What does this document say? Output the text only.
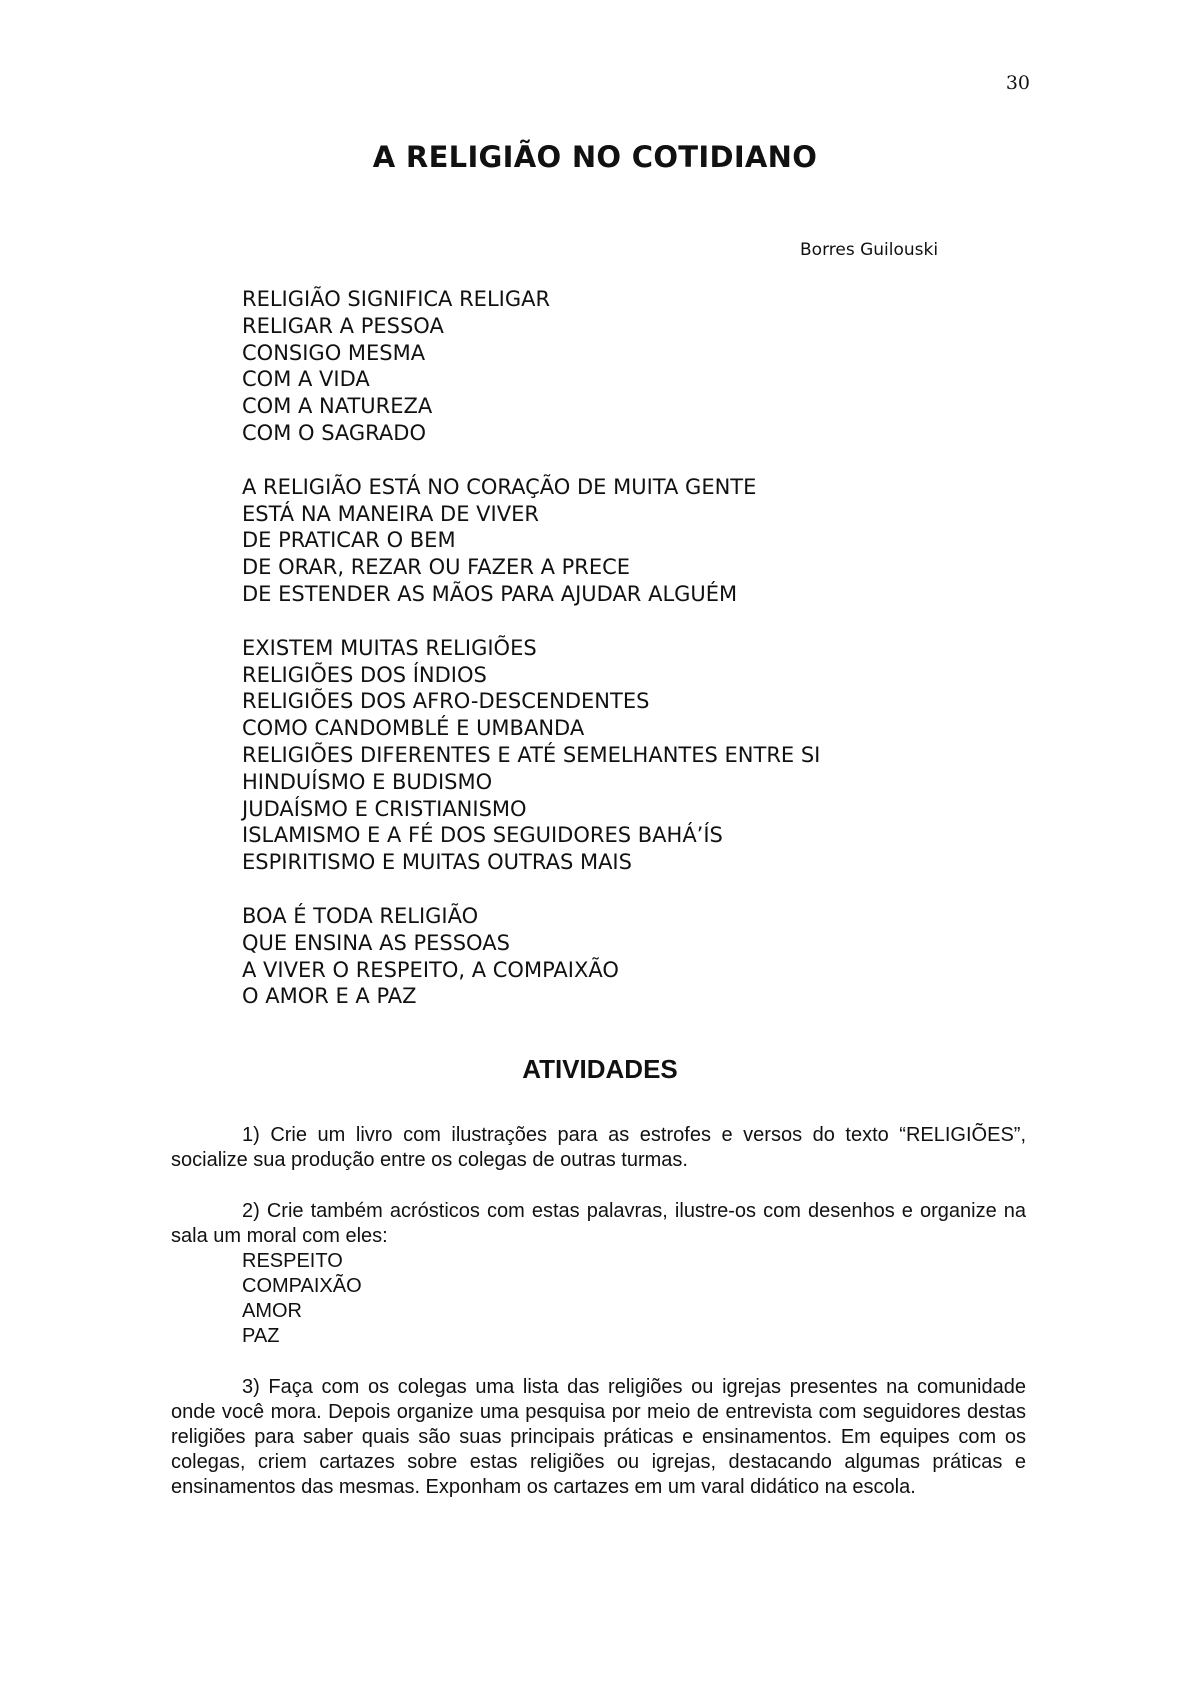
30
A RELIGIÃO NO COTIDIANO
Borres Guilouski
RELIGIÃO SIGNIFICA RELIGAR
RELIGAR A PESSOA
CONSIGO MESMA
COM A VIDA
COM A NATUREZA
COM O SAGRADO
A RELIGIÃO ESTÁ NO CORAÇÃO DE MUITA GENTE
ESTÁ NA MANEIRA DE VIVER
DE PRATICAR O BEM
DE ORAR, REZAR OU FAZER A PRECE
DE ESTENDER AS MÃOS PARA AJUDAR ALGUÉM
EXISTEM MUITAS RELIGIÕES
RELIGIÕES DOS ÍNDIOS
RELIGIÕES DOS AFRO-DESCENDENTES
COMO CANDOMBLÉ E UMBANDA
RELIGIÕES DIFERENTES E ATÉ SEMELHANTES ENTRE SI
HINDUÍSMO E BUDISMO
JUDAÍSMO E CRISTIANISMO
ISLAMISMO E A FÉ DOS SEGUIDORES BAHÁ’ÍS
ESPIRITISMO E MUITAS OUTRAS MAIS
BOA É TODA RELIGIÃO
QUE ENSINA AS PESSOAS
A VIVER O RESPEITO, A COMPAIXÃO
O AMOR E A PAZ
ATIVIDADES
1) Crie um livro com ilustrações para as estrofes e versos do texto “RELIGIÕES”, socialize sua produção entre os colegas de outras turmas.
2) Crie também acrósticos com estas palavras, ilustre-os com desenhos e organize na sala um moral com eles:
RESPEITO
COMPAIXÃO
AMOR
PAZ
3) Faça com os colegas uma lista das religiões ou igrejas presentes na comunidade onde você mora. Depois organize uma pesquisa por meio de entrevista com seguidores destas religiões para saber quais são suas principais práticas e ensinamentos. Em equipes com os colegas, criem cartazes sobre estas religiões ou igrejas, destacando algumas práticas e ensinamentos das mesmas. Exponham os cartazes em um varal didático na escola.
